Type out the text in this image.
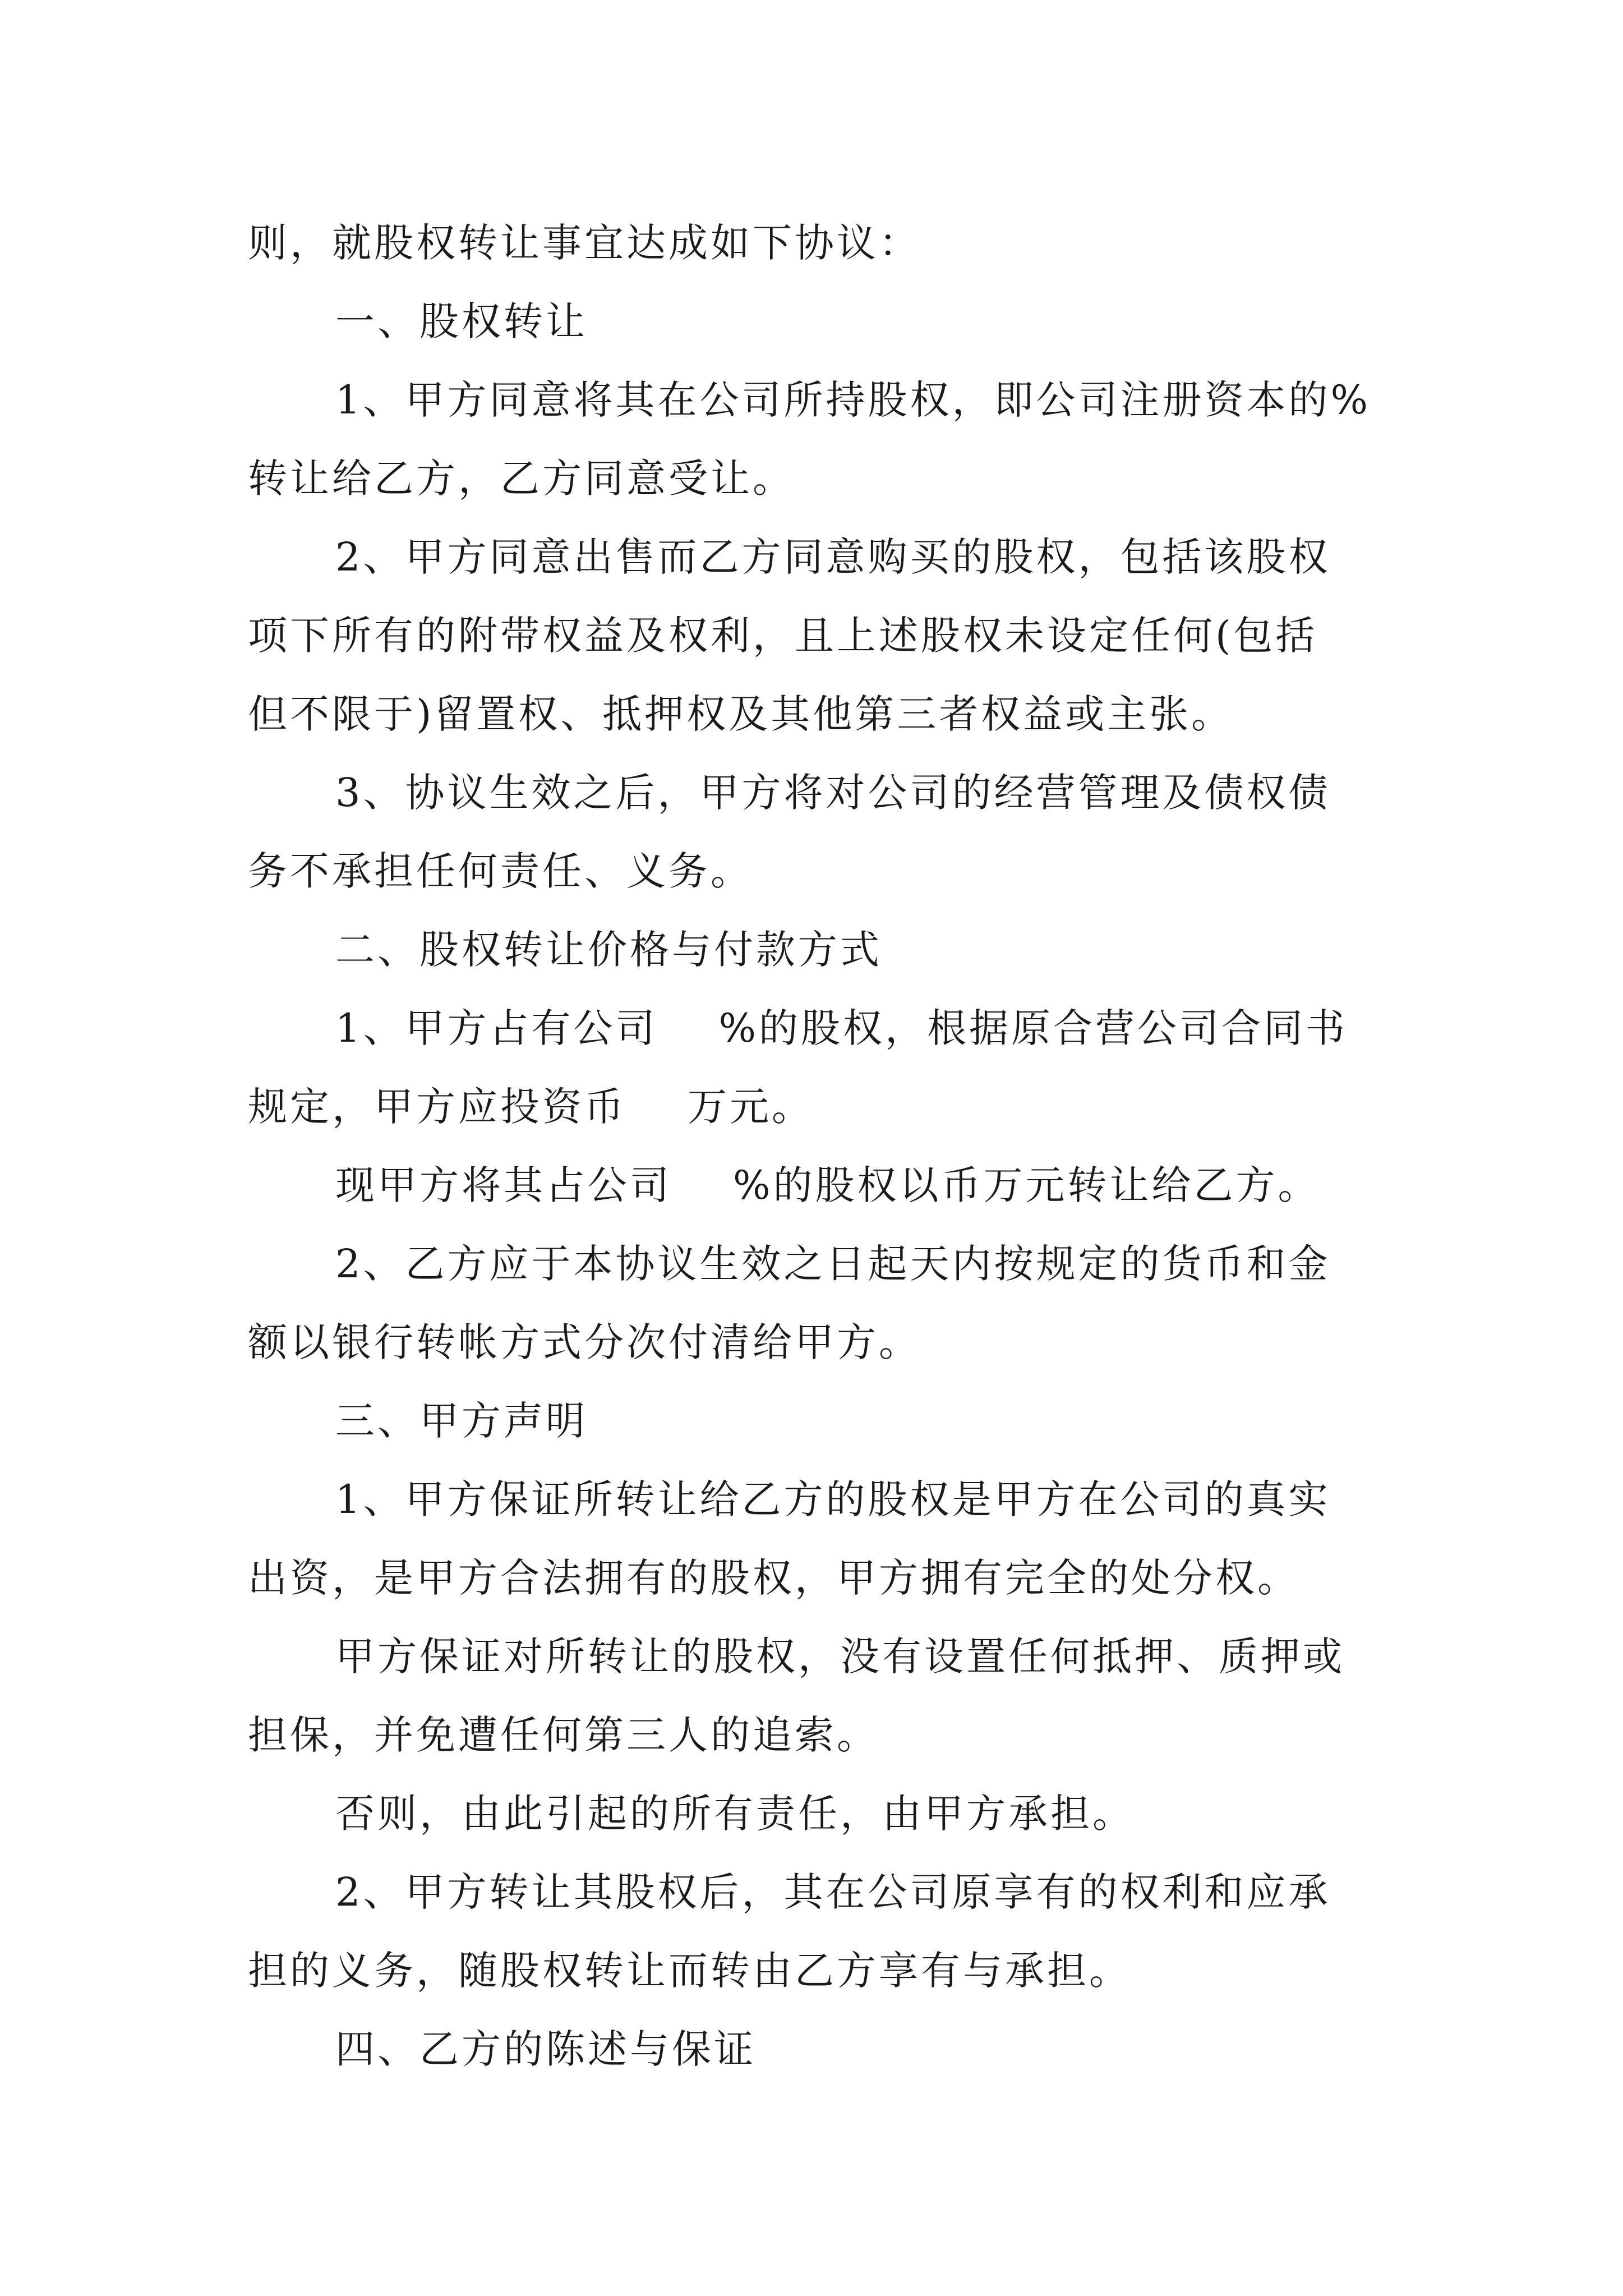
则，就股权转让事宜达成如下协议：
一、股权转让
1、甲方同意将其在公司所持股权，即公司注册资本的%
转让给乙方，乙方同意受让。
2、甲方同意出售而乙方同意购买的股权，包括该股权
项下所有的附带权益及权利，且上述股权未设定任何(包括
但不限于)留置权、抵押权及其他第三者权益或主张。
3、协议生效之后，甲方将对公司的经营管理及债权债
务不承担任何责任、义务。
二、股权转让价格与付款方式
1、甲方占有公司    %的股权，根据原合营公司合同书
规定，甲方应投资币    万元。
现甲方将其占公司    %的股权以币万元转让给乙方。
2、乙方应于本协议生效之日起天内按规定的货币和金
额以银行转帐方式分次付清给甲方。
三、甲方声明
1、甲方保证所转让给乙方的股权是甲方在公司的真实
出资，是甲方合法拥有的股权，甲方拥有完全的处分权。
甲方保证对所转让的股权，没有设置任何抵押、质押或
担保，并免遭任何第三人的追索。
否则，由此引起的所有责任，由甲方承担。
2、甲方转让其股权后，其在公司原享有的权利和应承
担的义务，随股权转让而转由乙方享有与承担。
四、乙方的陈述与保证
